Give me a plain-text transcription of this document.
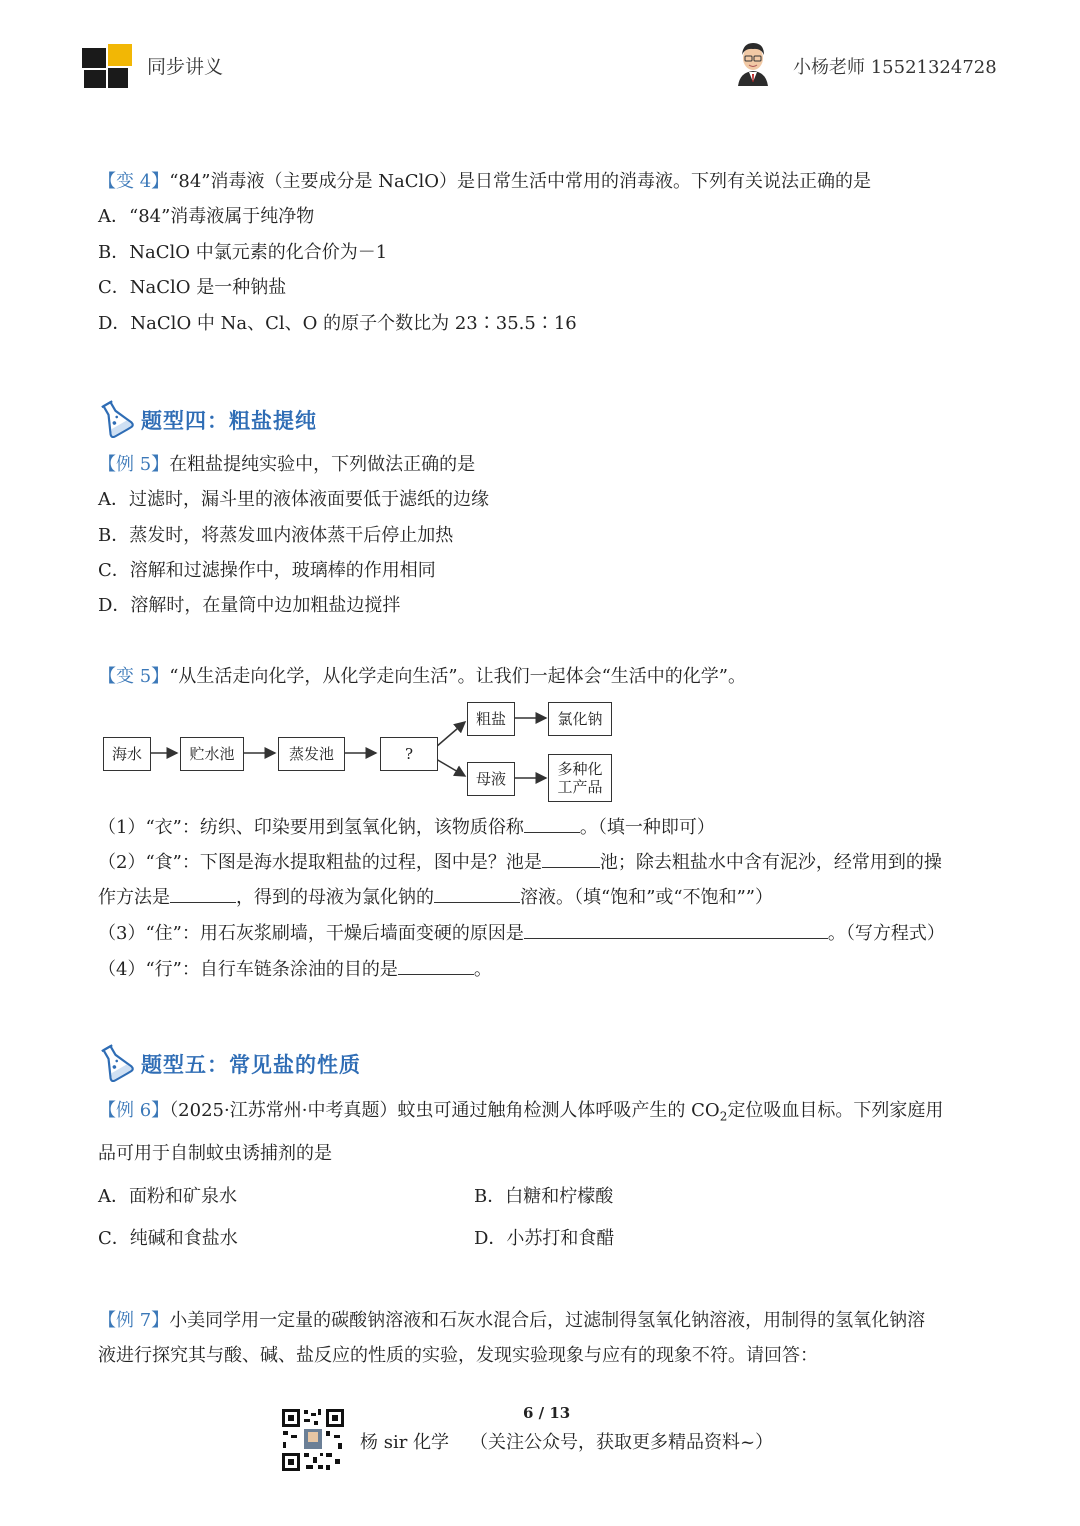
同步讲义	小杨老师 15521324728
【变 4】“84”消毒液（主要成分是 NaClO）是日常生活中常用的消毒液。下列有关说法正确的是
A．“84”消毒液属于纯净物
B．NaClO 中氯元素的化合价为－1
C．NaClO 是一种钠盐
D．NaClO 中 Na、Cl、O 的原子个数比为 23∶35.5∶16
题型四：粗盐提纯
【例 5】在粗盐提纯实验中，下列做法正确的是
A．过滤时，漏斗里的液体液面要低于滤纸的边缘
B．蒸发时，将蒸发皿内液体蒸干后停止加热
C．溶解和过滤操作中，玻璃棒的作用相同
D．溶解时，在量筒中边加粗盐边搅拌
【变 5】“从生活走向化学，从化学走向生活”。让我们一起体会“生活中的化学”。
海水	贮水池	蒸发池	?
粗盐	氯化钠
母液
多种化
工产品
（1）“衣”：纺织、印染要用到氢氧化钠，该物质俗称	。（填一种即可）
（2）“食”：下图是海水提取粗盐的过程，图中是？池是	池；除去粗盐水中含有泥沙，经常用到的操
作方法是	，得到的母液为氯化钠的	溶液。（填“饱和”或“不饱和””）
（3）“住”：用石灰浆刷墙，干燥后墙面变硬的原因是	。（写方程式）
（4）“行”：自行车链条涂油的目的是	。
题型五：常见盐的性质
【例 6】（2025·江苏常州·中考真题）蚊虫可通过触角检测人体呼吸产生的 $CO_2$定位吸血目标。下列家庭用
品可用于自制蚊虫诱捕剂的是
A．面粉和矿泉水	B．白糖和柠檬酸
C．纯碱和食盐水	D．小苏打和食醋
【例 7】小美同学用一定量的碳酸钠溶液和石灰水混合后，过滤制得氢氧化钠溶液，用制得的氢氧化钠溶
液进行探究其与酸、碱、盐反应的性质的实验，发现实验现象与应有的现象不符。请回答：
6 / 13
杨 sir 化学 （关注公众号，获取更多精品资料~）
